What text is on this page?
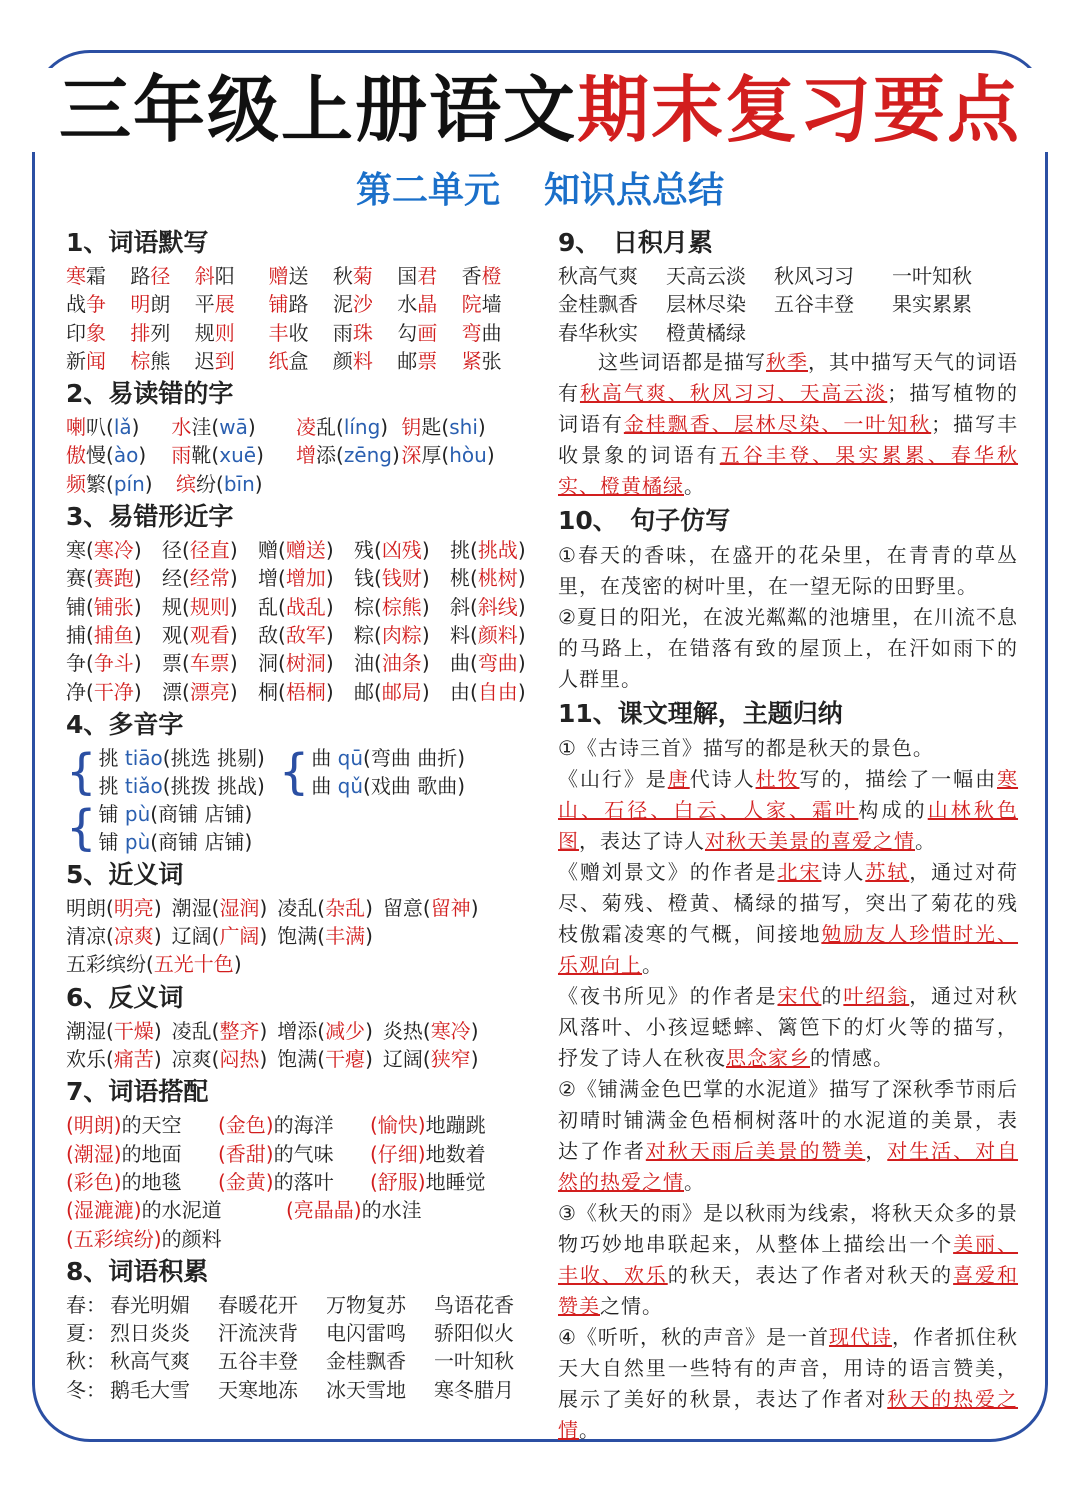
三年级上册语文期末复习要点
第二单元 知识点总结
1、词语默写
寒霜	路径	斜阳	赠送	秋菊	国君	香橙
战争	明朗	平展	铺路	泥沙	水晶	院墙
印象	排列	规则	丰收	雨珠	勾画	弯曲
新闻	棕熊	迟到	纸盒	颜料	邮票	紧张
2、易读错的字
喇叭(lǎ)	水洼(wā)	凌乱(líng) 钥匙(shi)
傲慢(ào)	雨靴(xuē)	增添(zēng) 深厚(hòu)
频繁(pín)	缤纷(bīn)
3、易错形近字
寒(寒冷)	径(径直)	赠(赠送)	残(凶残)	挑(挑战)
赛(赛跑)	经(经常)	增(增加)	钱(钱财)	桃(桃树)
铺(铺张)	规(规则)	乱(战乱)	棕(棕熊)	斜(斜线)
捕(捕鱼)	观(观看)	敌(敌军)	粽(肉粽)	料(颜料)
争(争斗)	票(车票)	洞(树洞)	油(油条)	曲(弯曲)
净(干净)	漂(漂亮)	桐(梧桐)	邮(邮局)	由(自由)
4、多音字
{ 挑 tiāo(挑选 挑剔)
挑 tiǎo(挑拨 挑战) { 曲 qū(弯曲 曲折)
曲 qǔ(戏曲 歌曲)
{ 铺 pù(商铺 店铺)
铺 pù(商铺 店铺)
5、近义词
明朗(明亮) 潮湿(湿润) 凌乱(杂乱) 留意(留神)
清凉(凉爽) 辽阔(广阔) 饱满(丰满)
五彩缤纷(五光十色)
6、反义词
潮湿(干燥) 凌乱(整齐) 增添(减少) 炎热(寒冷)
欢乐(痛苦) 凉爽(闷热) 饱满(干瘪) 辽阔(狭窄)
7、词语搭配
(明朗)的天空	(金色)的海洋	(愉快)地蹦跳
(潮湿)的地面	(香甜)的气味	(仔细)地数着
(彩色)的地毯	(金黄)的落叶	(舒服)地睡觉
(湿漉漉)的水泥道	(亮晶晶)的水洼
(五彩缤纷)的颜料
8、词语积累
春： 春光明媚	春暖花开	万物复苏	鸟语花香
夏： 烈日炎炎	汗流浃背	电闪雷鸣	骄阳似火
秋： 秋高气爽	五谷丰登	金桂飘香	一叶知秋
冬： 鹅毛大雪	天寒地冻	冰天雪地	寒冬腊月
9、　日积月累
秋高气爽	天高云淡	秋风习习	一叶知秋
金桂飘香	层林尽染	五谷丰登	果实累累
春华秋实	橙黄橘绿
这些词语都是描写秋季，其中描写天气的词语有秋高气爽、秋风习习、天高云淡；描写植物的词语有金桂飘香、层林尽染、一叶知秋；描写丰收景象的词语有五谷丰登、果实累累、春华秋实、橙黄橘绿。
10、　句子仿写
①春天的香味，在盛开的花朵里，在青青的草丛里，在茂密的树叶里，在一望无际的田野里。
②夏日的阳光，在波光粼粼的池塘里，在川流不息的马路上，在错落有致的屋顶上，在汗如雨下的人群里。
11、课文理解，主题归纳
①《古诗三首》描写的都是秋天的景色。
《山行》是唐代诗人杜牧写的，描绘了一幅由寒山、石径、白云、人家、霜叶构成的山林秋色图，表达了诗人对秋天美景的喜爱之情。
《赠刘景文》的作者是北宋诗人苏轼，通过对荷尽、菊残、橙黄、橘绿的描写，突出了菊花的残枝傲霜凌寒的气概，间接地勉励友人珍惜时光、乐观向上。
《夜书所见》的作者是宋代的叶绍翁，通过对秋风落叶、小孩逗蟋蟀、篱笆下的灯火等的描写，抒发了诗人在秋夜思念家乡的情感。
②《铺满金色巴掌的水泥道》描写了深秋季节雨后初晴时铺满金色梧桐树落叶的水泥道的美景，表达了作者对秋天雨后美景的赞美，对生活、对自然的热爱之情。
③《秋天的雨》是以秋雨为线索，将秋天众多的景物巧妙地串联起来，从整体上描绘出一个美丽、丰收、欢乐的秋天，表达了作者对秋天的喜爱和赞美之情。
④《听听，秋的声音》是一首现代诗，作者抓住秋天大自然里一些特有的声音，用诗的语言赞美，展示了美好的秋景，表达了作者对秋天的热爱之情。
